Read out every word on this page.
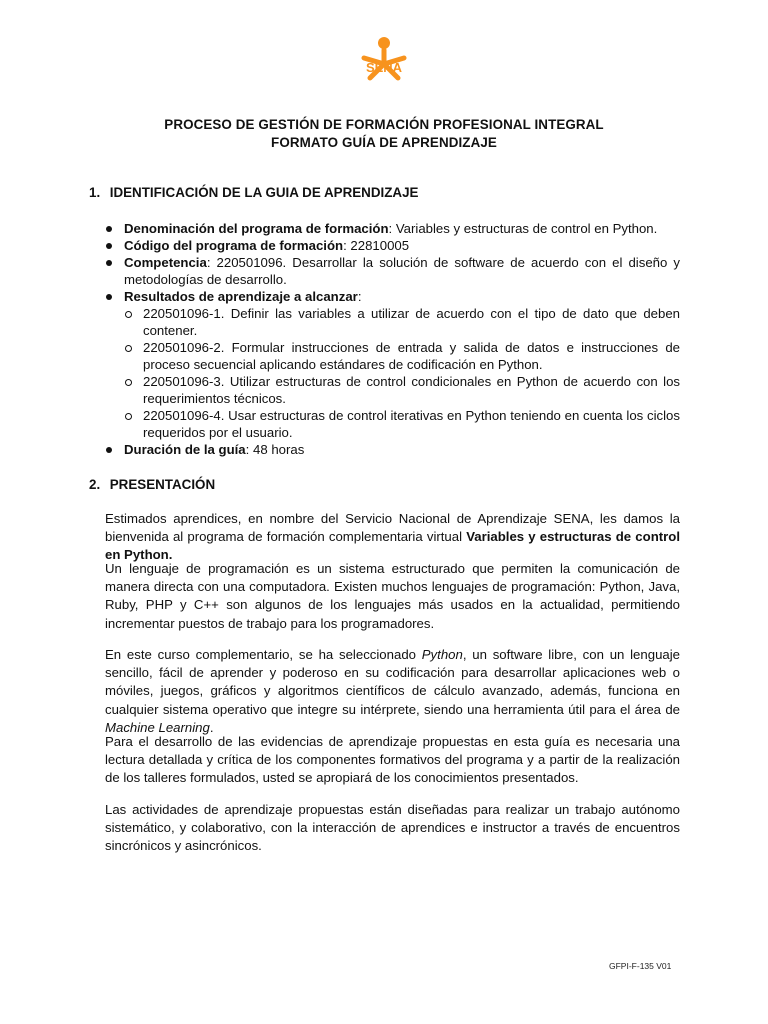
SENA
PROCESO DE GESTIÓN DE FORMACIÓN PROFESIONAL INTEGRAL
FORMATO GUÍA DE APRENDIZAJE
1. IDENTIFICACIÓN DE LA GUIA DE APRENDIZAJE
Denominación del programa de formación: Variables y estructuras de control en Python.
Código del programa de formación: 22810005
Competencia: 220501096. Desarrollar la solución de software de acuerdo con el diseño y metodologías de desarrollo.
Resultados de aprendizaje a alcanzar:
220501096-1. Definir las variables a utilizar de acuerdo con el tipo de dato que deben contener.
220501096-2. Formular instrucciones de entrada y salida de datos e instrucciones de proceso secuencial aplicando estándares de codificación en Python.
220501096-3. Utilizar estructuras de control condicionales en Python de acuerdo con los requerimientos técnicos.
220501096-4. Usar estructuras de control iterativas en Python teniendo en cuenta los ciclos requeridos por el usuario.
Duración de la guía: 48 horas
2. PRESENTACIÓN
Estimados aprendices, en nombre del Servicio Nacional de Aprendizaje SENA, les damos la bienvenida al programa de formación complementaria virtual Variables y estructuras de control en Python.
Un lenguaje de programación es un sistema estructurado que permiten la comunicación de manera directa con una computadora. Existen muchos lenguajes de programación: Python, Java, Ruby, PHP y C++ son algunos de los lenguajes más usados en la actualidad, permitiendo incrementar puestos de trabajo para los programadores.
En este curso complementario, se ha seleccionado Python, un software libre, con un lenguaje sencillo, fácil de aprender y poderoso en su codificación para desarrollar aplicaciones web o móviles, juegos, gráficos y algoritmos científicos de cálculo avanzado, además, funciona en cualquier sistema operativo que integre su intérprete, siendo una herramienta útil para el área de Machine Learning.
Para el desarrollo de las evidencias de aprendizaje propuestas en esta guía es necesaria una lectura detallada y crítica de los componentes formativos del programa y a partir de la realización de los talleres formulados, usted se apropiará de los conocimientos presentados.
Las actividades de aprendizaje propuestas están diseñadas para realizar un trabajo autónomo sistemático, y colaborativo, con la interacción de aprendices e instructor a través de encuentros sincrónicos y asincrónicos.
GFPI-F-135 V01
